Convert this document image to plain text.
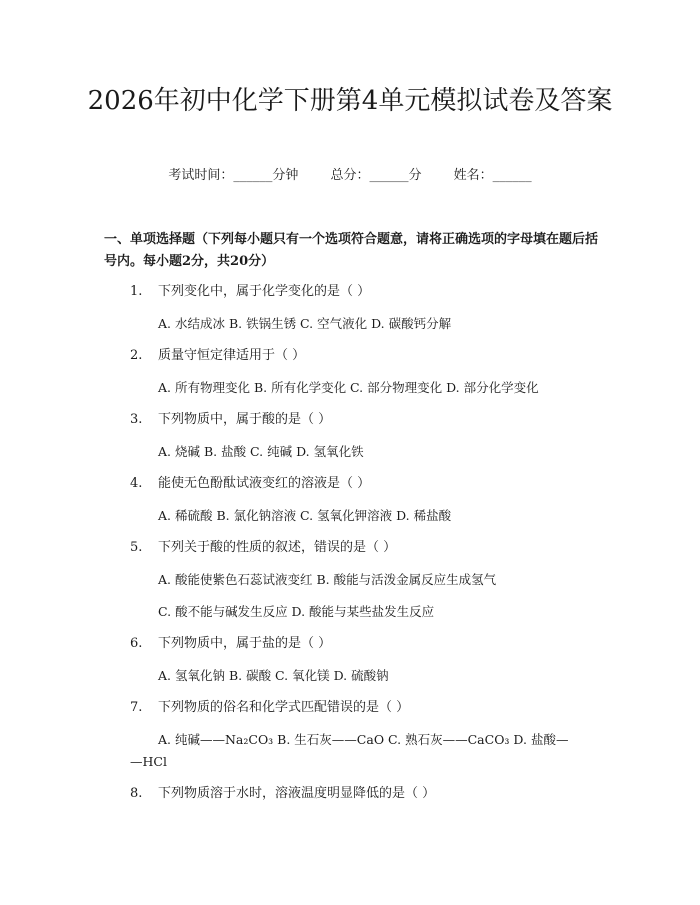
2026年初中化学下册第4单元模拟试卷及答案
考试时间：______分钟 总分：______分 姓名：______
一、单项选择题（下列每小题只有一个选项符合题意，请将正确选项的字母填在题后括号内。每小题2分，共20分）
1. 下列变化中，属于化学变化的是（ ）
A. 水结成冰 B. 铁锅生锈 C. 空气液化 D. 碳酸钙分解
2. 质量守恒定律适用于（ ）
A. 所有物理变化 B. 所有化学变化 C. 部分物理变化 D. 部分化学变化
3. 下列物质中，属于酸的是（ ）
A. 烧碱 B. 盐酸 C. 纯碱 D. 氢氧化铁
4. 能使无色酚酞试液变红的溶液是（ ）
A. 稀硫酸 B. 氯化钠溶液 C. 氢氧化钾溶液 D. 稀盐酸
5. 下列关于酸的性质的叙述，错误的是（ ）
A. 酸能使紫色石蕊试液变红 B. 酸能与活泼金属反应生成氢气
C. 酸不能与碱发生反应 D. 酸能与某些盐发生反应
6. 下列物质中，属于盐的是（ ）
A. 氢氧化钠 B. 碳酸 C. 氧化镁 D. 硫酸钠
7. 下列物质的俗名和化学式匹配错误的是（ ）
A. 纯碱——Na₂CO₃ B. 生石灰——CaO C. 熟石灰——CaCO₃ D. 盐酸—
—HCl
8. 下列物质溶于水时，溶液温度明显降低的是（ ）
